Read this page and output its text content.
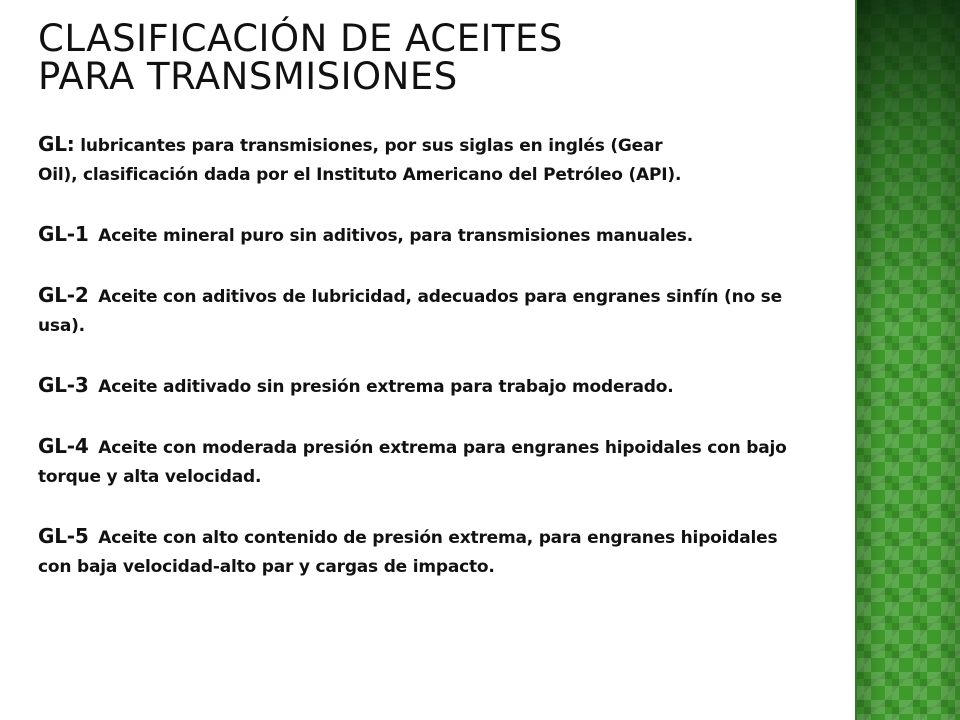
CLASIFICACIÓN DE ACEITES
PARA TRANSMISIONES

GL: lubricantes para transmisiones, por sus siglas en inglés (Gear Oil), clasificación dada por el Instituto Americano del Petróleo (API).

GL-1 Aceite mineral puro sin aditivos, para transmisiones manuales.

GL-2 Aceite con aditivos de lubricidad, adecuados para engranes sinfín (no se usa).

GL-3 Aceite aditivado sin presión extrema para trabajo moderado.

GL-4 Aceite con moderada presión extrema para engranes hipoidales con bajo torque y alta velocidad.

GL-5 Aceite con alto contenido de presión extrema, para engranes hipoidales con baja velocidad-alto par y cargas de impacto.
